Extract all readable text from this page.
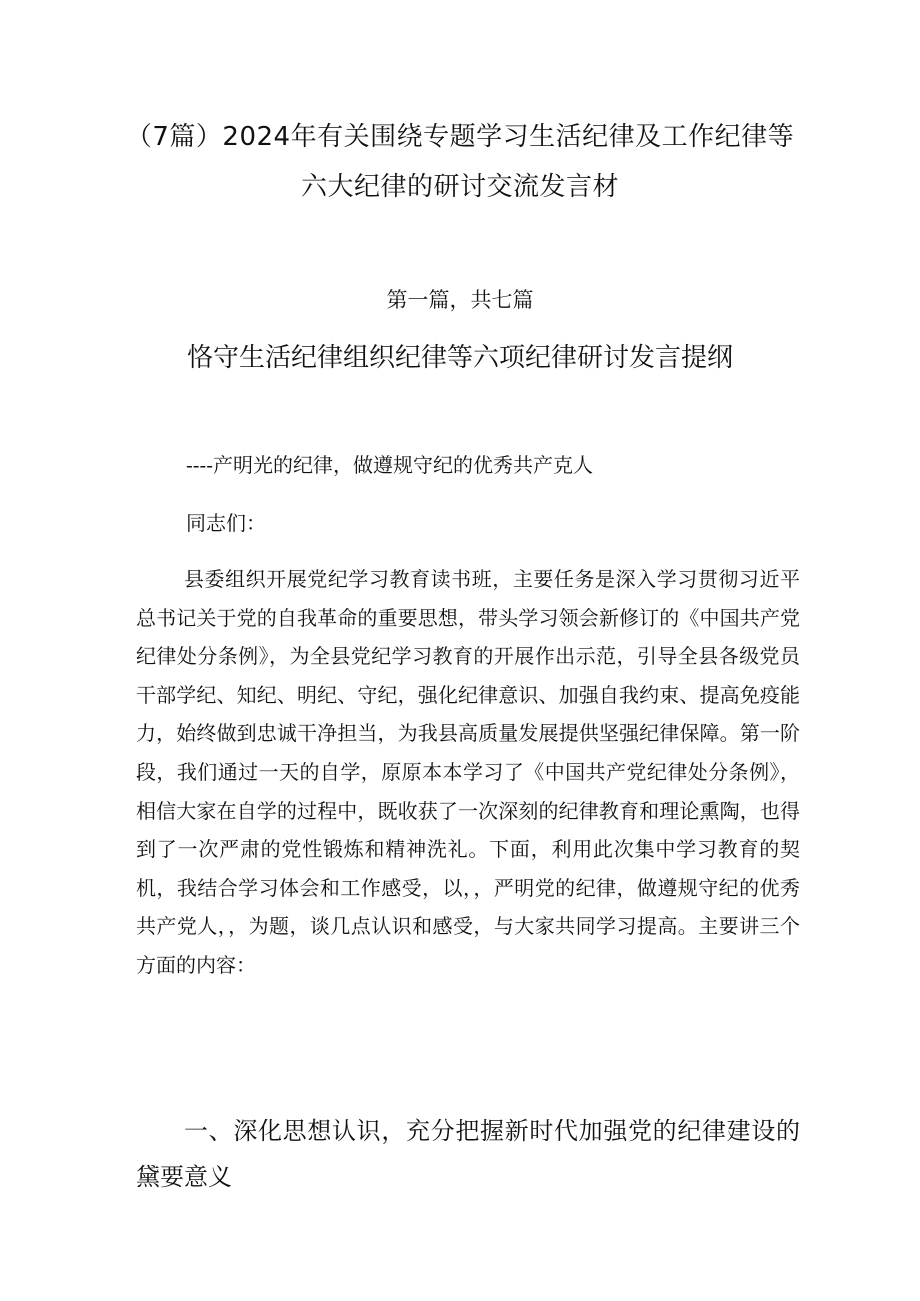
（7篇）2024年有关围绕专题学习生活纪律及工作纪律等六大纪律的研讨交流发言材
第一篇，共七篇
恪守生活纪律组织纪律等六项纪律研讨发言提纲

----产明光的纪律，做遵规守纪的优秀共产克人

同志们：

县委组织开展党纪学习教育读书班，主要任务是深入学习贯彻习近平总书记关于党的自我革命的重要思想，带头学习领会新修订的《中国共产党纪律处分条例》，为全县党纪学习教育的开展作出示范，引导全县各级党员干部学纪、知纪、明纪、守纪，强化纪律意识、加强自我约束、提高免疫能力，始终做到忠诚干净担当，为我县高质量发展提供坚强纪律保障。第一阶段，我们通过一天的自学，原原本本学习了《中国共产党纪律处分条例》，相信大家在自学的过程中，既收获了一次深刻的纪律教育和理论熏陶，也得到了一次严肃的党性锻炼和精神洗礼。下面，利用此次集中学习教育的契机，我结合学习体会和工作感受，以，，严明党的纪律，做遵规守纪的优秀共产党人，，为题，谈几点认识和感受，与大家共同学习提高。主要讲三个方面的内容：

一、深化思想认识，充分把握新时代加强党的纪律建设的黛要意义
